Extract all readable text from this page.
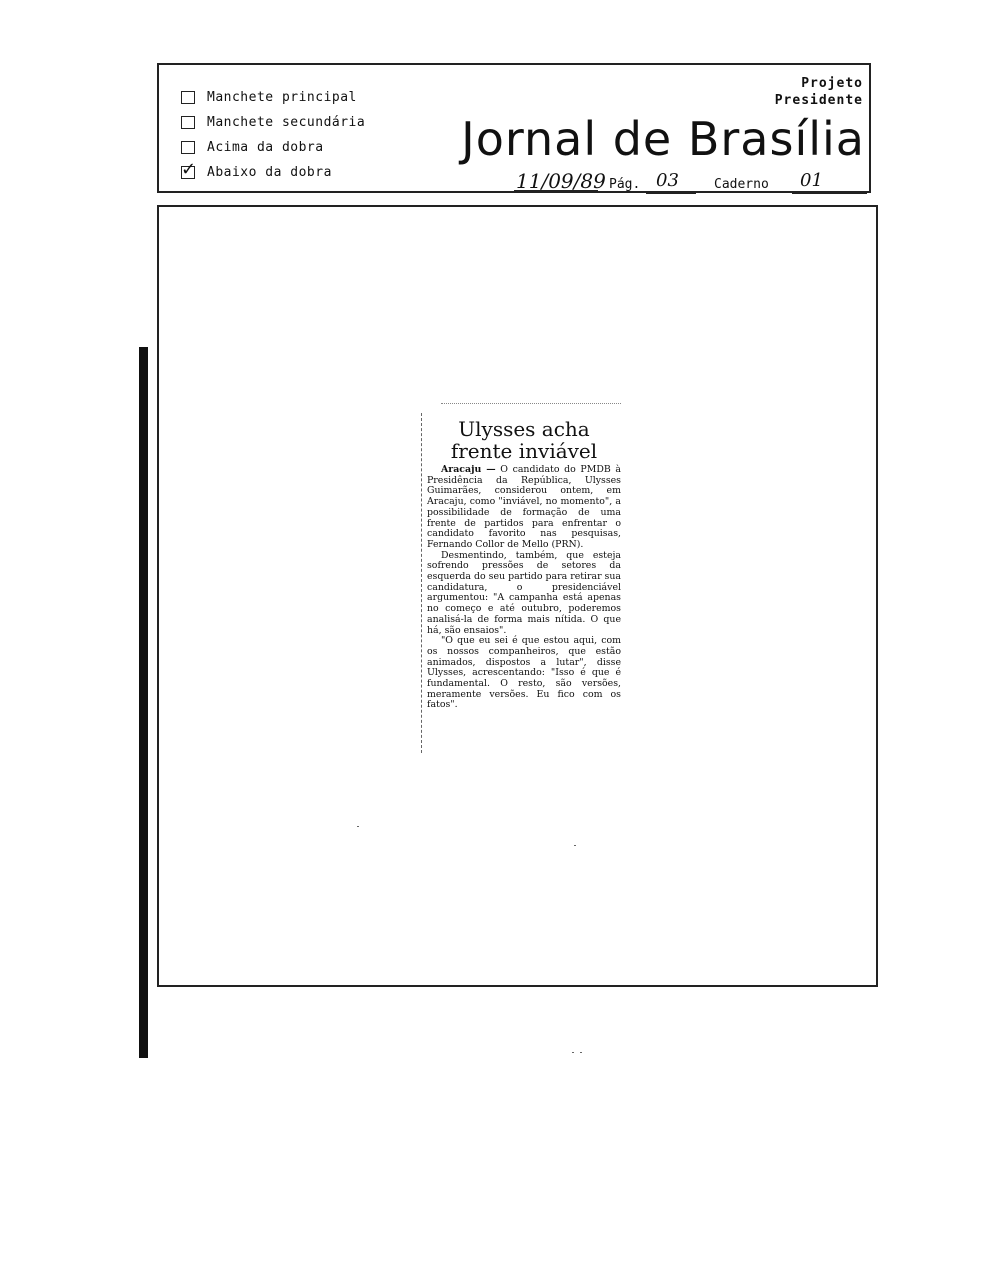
Manchete principal
Manchete secundária
Acima da dobra
✓ Abaixo da dobra
Projeto
Presidente
Jornal de Brasília
11/09/89 Pág. 03	Caderno 01
Ulysses acha
frente inviável

Aracaju — O candidato do PMDB à Presidência da República, Ulysses Guimarães, considerou ontem, em Aracaju, como "inviável, no momento", a possibilidade de formação de uma frente de partidos para enfrentar o candidato favorito nas pesquisas, Fernando Collor de Mello (PRN).

Desmentindo, também, que esteja sofrendo pressões de setores da esquerda do seu partido para retirar sua candidatura, o presidenciável argumentou: "A campanha está apenas no começo e até outubro, poderemos analisá-la de forma mais nítida. O que há, são ensaios".

"O que eu sei é que estou aqui, com os nossos companheiros, que estão animados, dispostos a lutar", disse Ulysses, acrescentando: "Isso é que é fundamental. O resto, são versões, meramente versões. Eu fico com os fatos".
